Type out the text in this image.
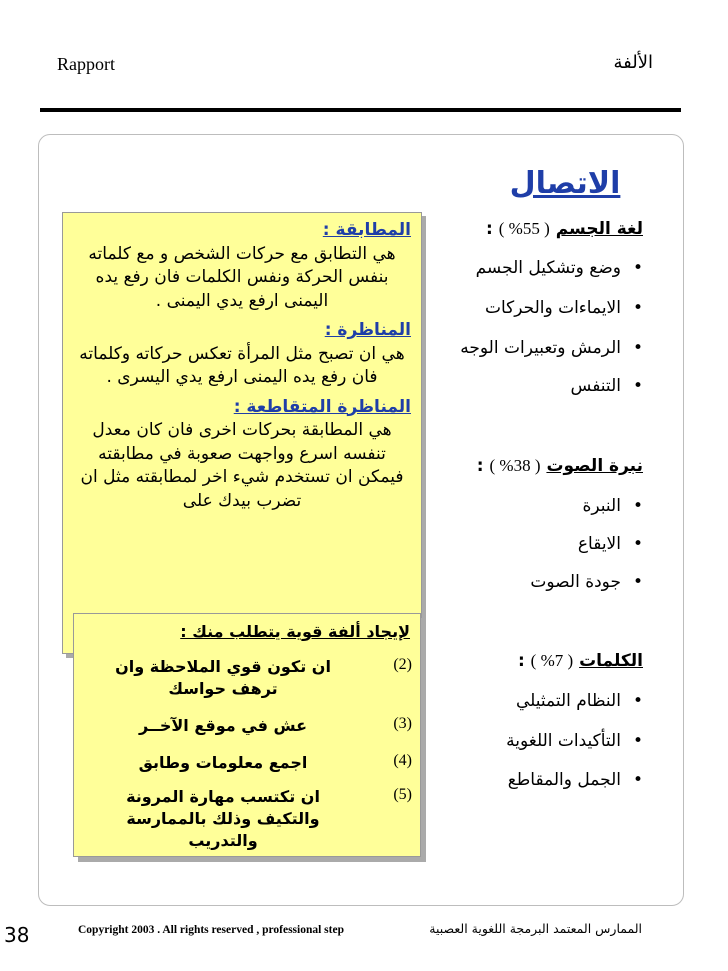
Rapport	الألفة
الاتصال
لغة الجسم ( 55% ) :
•وضع وتشكيل الجسم
•الايماءات والحركات
•الرمش وتعبيرات الوجه
•التنفس
نبرة الصوت ( 38% ) :
•النبرة
•الايقاع
•جودة الصوت
الكلمات ( 7% ) :
•النظام التمثيلي
•التأكيدات اللغوية
•الجمل والمقاطع
المطابقة :
هي التطابق مع حركات الشخص و مع كلماته بنفس الحركة ونفس الكلمات فان رفع يده اليمنى ارفع يدي اليمنى .
المناظرة :
هي ان تصبح مثل المرأة تعكس حركاته وكلماته فان رفع يده اليمنى ارفع يدي اليسرى .
المناظرة المتقاطعة :
هي المطابقة بحركات اخرى فان كان معدل تنفسه اسرع وواجهت صعوبة في مطابقته فيمكن ان تستخدم شيء اخر لمطابقته مثل ان تضرب بيدك على
لإيجاد ألفة قوية يتطلب منك :
(2)
ان تكون قوي الملاحظة وان ترهف حواسك
(3)
عش في موقع الآخــر
(4)
اجمع معلومات وطابق
(5)
ان تكتسب مهارة المرونة والتكيف وذلك بالممارسة والتدريب
38	Copyright 2003 . All rights reserved , professional step	الممارس المعتمد البرمجة اللغوية العصبية
